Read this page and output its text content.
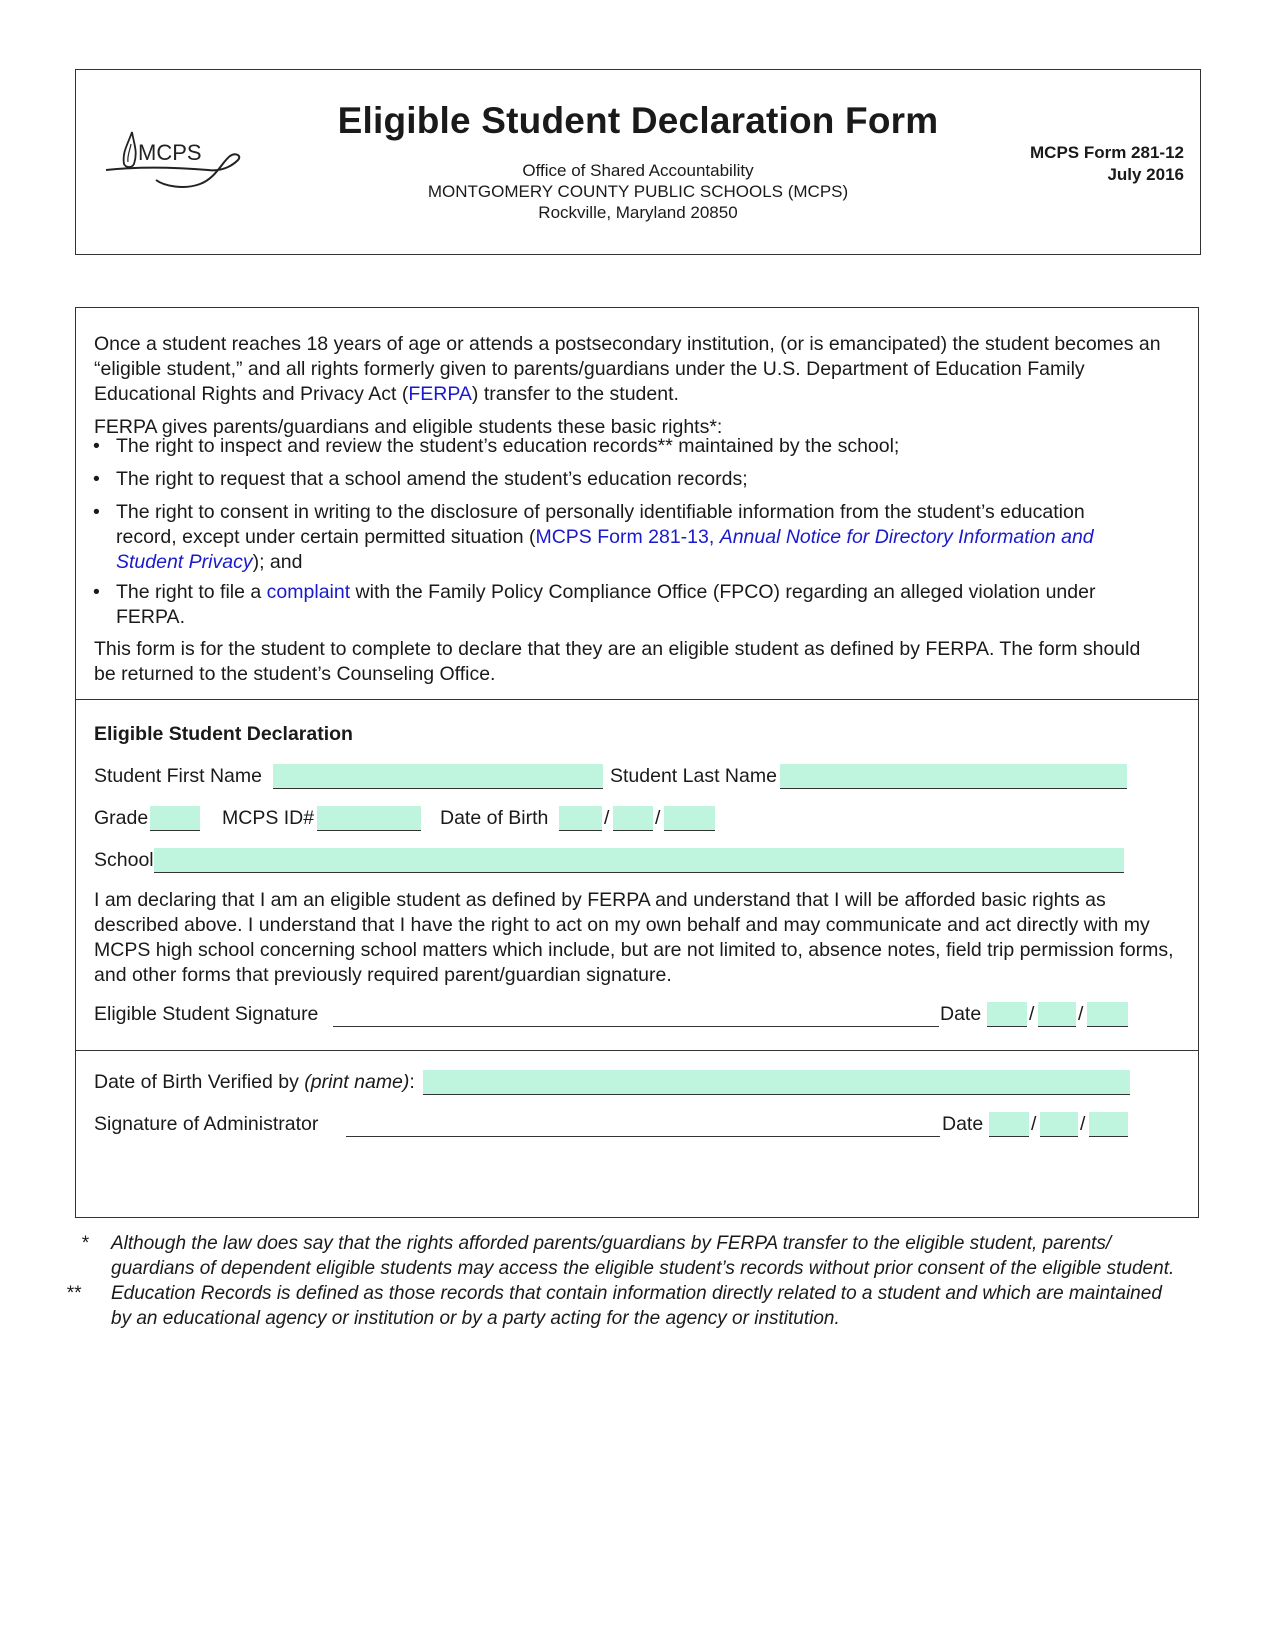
MCPS
Eligible Student Declaration Form
Office of Shared Accountability
MONTGOMERY COUNTY PUBLIC SCHOOLS (MCPS)
Rockville, Maryland 20850
MCPS Form 281-12
July 2016

Once a student reaches 18 years of age or attends a postsecondary institution, (or is emancipated) the student becomes an “eligible student,” and all rights formerly given to parents/guardians under the U.S. Department of Education Family Educational Rights and Privacy Act (FERPA) transfer to the student.

FERPA gives parents/guardians and eligible students these basic rights*:

• The right to inspect and review the student’s education records** maintained by the school;
• The right to request that a school amend the student’s education records;
• The right to consent in writing to the disclosure of personally identifiable information from the student’s education record, except under certain permitted situation (MCPS Form 281-13, Annual Notice for Directory Information and Student Privacy); and
• The right to file a complaint with the Family Policy Compliance Office (FPCO) regarding an alleged violation under FERPA.

This form is for the student to complete to declare that they are an eligible student as defined by FERPA. The form should be returned to the student’s Counseling Office.

Eligible Student Declaration
Student First Name	Student Last Name
Grade	MCPS ID#	Date of Birth	/ /
School

I am declaring that I am an eligible student as defined by FERPA and understand that I will be afforded basic rights as described above. I understand that I have the right to act on my own behalf and may communicate and act directly with my MCPS high school concerning school matters which include, but are not limited to, absence notes, field trip permission forms, and other forms that previously required parent/guardian signature.

Eligible Student Signature	Date / /
Date of Birth Verified by (print name):
Signature of Administrator	Date / /

* Although the law does say that the rights afforded parents/guardians by FERPA transfer to the eligible student, parents/ guardians of dependent eligible students may access the eligible student’s records without prior consent of the eligible student.

** Education Records is defined as those records that contain information directly related to a student and which are maintained by an educational agency or institution or by a party acting for the agency or institution.
